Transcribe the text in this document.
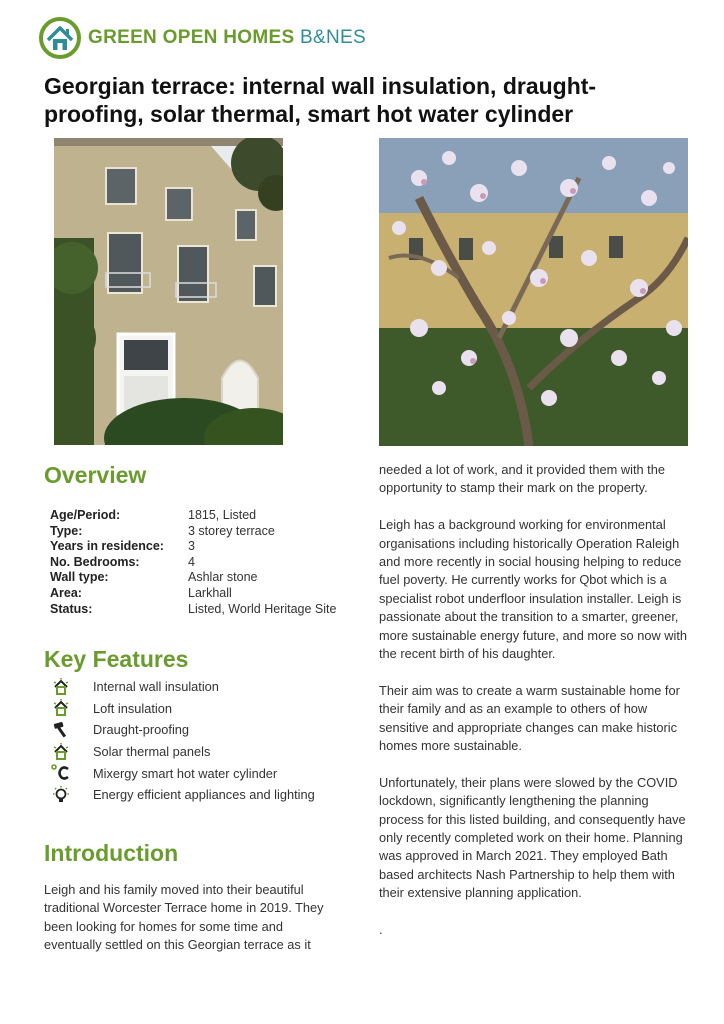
GREEN OPEN HOMES B&NES
Georgian terrace: internal wall insulation, draught-proofing, solar thermal, smart hot water cylinder
Overview
Age/Period:	1815, Listed
Type:	3 storey terrace
Years in residence:	3
No. Bedrooms:	4
Wall type:	Ashlar stone
Area:	Larkhall
Status:	Listed, World Heritage Site
Key Features
Internal wall insulation
Loft insulation
Draught-proofing
Solar thermal panels
Mixergy smart hot water cylinder
Energy efficient appliances and lighting
Introduction
Leigh and his family moved into their beautiful traditional Worcester Terrace home in 2019. They been looking for homes for some time and eventually settled on this Georgian terrace as it

needed a lot of work, and it provided them with the opportunity to stamp their mark on the property.

Leigh has a background working for environmental organisations including historically Operation Raleigh and more recently in social housing helping to reduce fuel poverty. He currently works for Qbot which is a specialist robot underfloor insulation installer. Leigh is passionate about the transition to a smarter, greener, more sustainable energy future, and more so now with the recent birth of his daughter.

Their aim was to create a warm sustainable home for their family and as an example to others of how sensitive and appropriate changes can make historic homes more sustainable.

Unfortunately, their plans were slowed by the COVID lockdown, significantly lengthening the planning process for this listed building, and consequently have only recently completed work on their home. Planning was approved in March 2021. They employed Bath based architects Nash Partnership to help them with their extensive planning application.

.
